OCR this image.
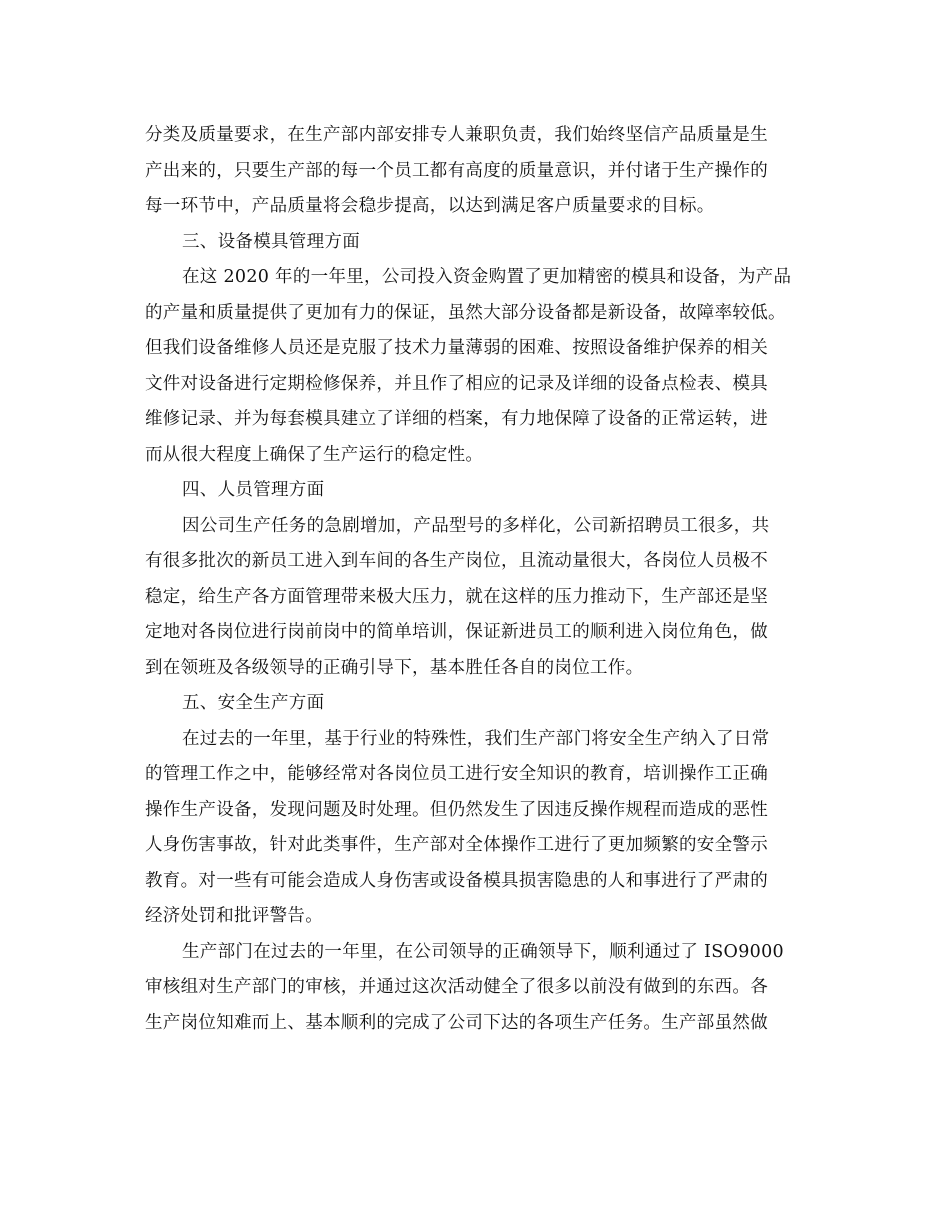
分类及质量要求，在生产部内部安排专人兼职负责，我们始终坚信产品质量是生
产出来的，只要生产部的每一个员工都有高度的质量意识，并付诸于生产操作的
每一环节中，产品质量将会稳步提高，以达到满足客户质量要求的目标。
三、设备模具管理方面
在这 2020 年的一年里，公司投入资金购置了更加精密的模具和设备，为产品
的产量和质量提供了更加有力的保证，虽然大部分设备都是新设备，故障率较低。
但我们设备维修人员还是克服了技术力量薄弱的困难、按照设备维护保养的相关
文件对设备进行定期检修保养，并且作了相应的记录及详细的设备点检表、模具
维修记录、并为每套模具建立了详细的档案，有力地保障了设备的正常运转，进
而从很大程度上确保了生产运行的稳定性。
四、人员管理方面
因公司生产任务的急剧增加，产品型号的多样化，公司新招聘员工很多，共
有很多批次的新员工进入到车间的各生产岗位，且流动量很大，各岗位人员极不
稳定，给生产各方面管理带来极大压力，就在这样的压力推动下，生产部还是坚
定地对各岗位进行岗前岗中的简单培训，保证新进员工的顺利进入岗位角色，做
到在领班及各级领导的正确引导下，基本胜任各自的岗位工作。
五、安全生产方面
在过去的一年里，基于行业的特殊性，我们生产部门将安全生产纳入了日常
的管理工作之中，能够经常对各岗位员工进行安全知识的教育，培训操作工正确
操作生产设备，发现问题及时处理。但仍然发生了因违反操作规程而造成的恶性
人身伤害事故，针对此类事件，生产部对全体操作工进行了更加频繁的安全警示
教育。对一些有可能会造成人身伤害或设备模具损害隐患的人和事进行了严肃的
经济处罚和批评警告。
生产部门在过去的一年里，在公司领导的正确领导下，顺利通过了 ISO9000
审核组对生产部门的审核，并通过这次活动健全了很多以前没有做到的东西。各
生产岗位知难而上、基本顺利的完成了公司下达的各项生产任务。生产部虽然做
